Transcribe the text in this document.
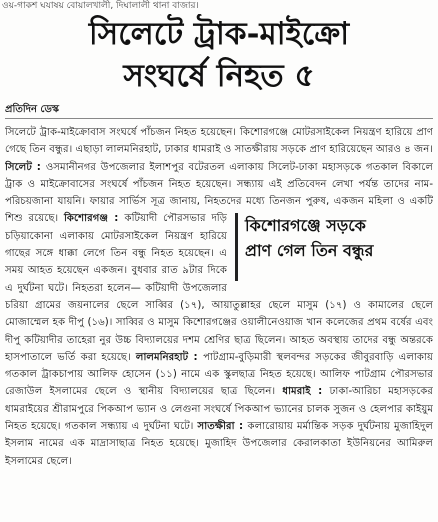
ওয়-গাকশ ঘযাষয় বোয়ালখালী, দিঘালালী থানা বাজার।
সিলেটে ট্রাক-মাইক্রো
সংঘর্ষে নিহত ৫
প্রতিদিন ডেস্ক

সিলেটে ট্রাক-মাইক্রোবাস সংঘর্ষে পাঁচজন নিহত হয়েছেন। কিশোরগঞ্জে মোটরসাইকেল নিয়ন্ত্রণ হারিয়ে প্রাণ গেছে তিন বন্ধুর। এছাড়া লালমনিরহাট, ঢাকার ধামরাই ও সাতক্ষীরায় সড়কে প্রাণ হারিয়েছেন আরও ৪ জন। সিলেট : ওসমানীনগর উপজেলার ইলাশপুর বটেরতল এলাকায় সিলেট-ঢাকা মহাসড়কে গতকাল বিকালে ট্রাক ও মাইক্রোবাসের সংঘর্ষে পাঁচজন নিহত হয়েছেন। সন্ধ্যায় এই প্রতিবেদন লেখা পর্যন্ত তাদের নাম-পরিচয়জানা যায়নি। ফায়ার সার্ভিস সূত্র জানায়, নিহতদের মধ্যে তিনজন পুরুষ, একজন মহিলা ও একটি শিশু রয়েছে। কিশোরগঞ্জ :	কিশোরগঞ্জে সড়কে
প্রাণ গেল তিন বন্ধুর
কটিয়াদী পৌরসভার দড়ি চড়িয়াকোনা এলাকায় মোটরসাইকেল নিয়ন্ত্রণ হারিয়ে গাছের সঙ্গে ধাক্কা লেগে তিন বন্ধু নিহত হয়েছেন। এ সময় আহত হয়েছেন একজন। বুধবার রাত ৯টার দিকে এ দুর্ঘটনা ঘটে। নিহতরা হলেন— কটিয়াদী উপজেলার চরিয়া গ্রামের জয়নালের ছেলে সাব্বির (১৭), আয়াতুল্লাহর ছেলে মাসুম (১৭) ও কামালের ছেলে মোজাম্মেল হক দীপু (১৬)। সাব্বির ও মাসুম কিশোরগঞ্জের ওয়ালীনেওয়াজ খান কলেজের প্রথম বর্ষের এবং দীপু কটিয়াদীর তাহেরা নুর উচ্চ বিদ্যালয়ের দশম শ্রেণির ছাত্র ছিলেন। আহত অবস্থায় তাদের বন্ধু অন্তরকে হাসপাতালে ভর্তি করা হয়েছে। লালমনিরহাট : পাটগ্রাম-বুড়িমারী স্থলবন্দর সড়কের জীবুরবাড়ি এলাকায় গতকাল ট্রাকচাপায় আলিফ হোসেন (১১) নামে এক স্কুলছাত্র নিহত হয়েছে। আলিফ পাটগ্রাম পৌরসভার রেজাউল ইসলামের ছেলে ও স্থানীয় বিদ্যালয়ের ছাত্র ছিলেন। ধামরাই : ঢাকা-আরিচা মহাসড়কের ধামরাইয়ের শ্রীরামপুরে পিকআপ ভ্যান ও লেগুনা সংঘর্ষে পিকআপ ভ্যানের চালক সুজন ও হেলপার কাইয়ুম নিহত হয়েছে। গতকাল সন্ধ্যায় এ দুর্ঘটনা ঘটে। সাতক্ষীরা : কলারোয়ায় মর্মান্তিক সড়ক দুর্ঘটনায় মুজাহিদুল ইসলাম নামের এক মাদ্রাসাছাত্র নিহত হয়েছে। মুজাহিদ উপজেলার কেরালকাতা ইউনিয়নের আমিরুল ইসলামের ছেলে।
